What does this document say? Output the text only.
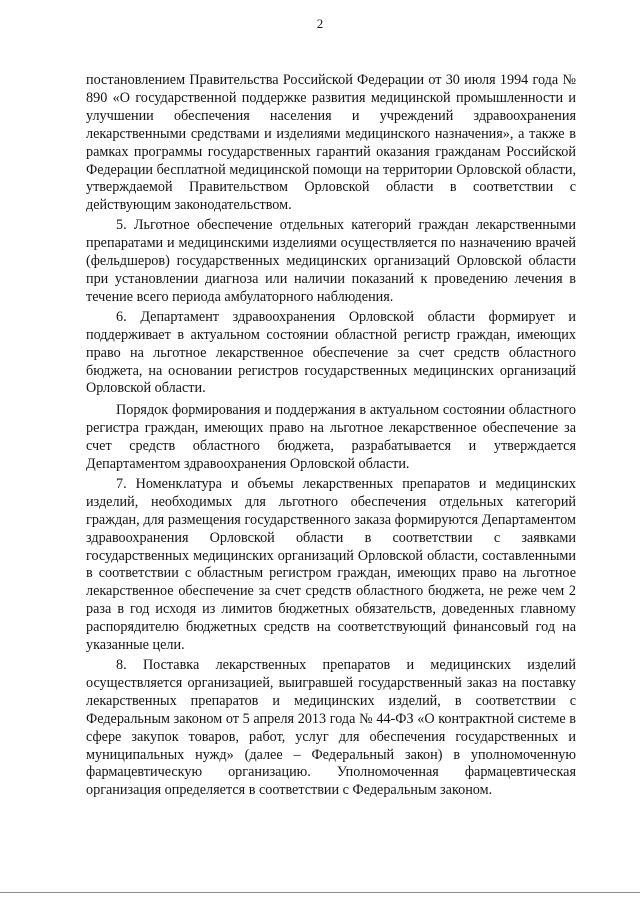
2

постановлением Правительства Российской Федерации от 30 июля 1994 года № 890 «О государственной поддержке развития медицинской промышленности и улучшении обеспечения населения и учреждений здравоохранения лекарственными средствами и изделиями медицинского назначения», а также в рамках программы государственных гарантий оказания гражданам Российской Федерации бесплатной медицинской помощи на территории Орловской области, утверждаемой Правительством Орловской области в соответствии с действующим законодательством.

5. Льготное обеспечение отдельных категорий граждан лекарственными препаратами и медицинскими изделиями осуществляется по назначению врачей (фельдшеров) государственных медицинских организаций Орловской области при установлении диагноза или наличии показаний к проведению лечения в течение всего периода амбулаторного наблюдения.

6. Департамент здравоохранения Орловской области формирует и поддерживает в актуальном состоянии областной регистр граждан, имеющих право на льготное лекарственное обеспечение за счет средств областного бюджета, на основании регистров государственных медицинских организаций Орловской области.

Порядок формирования и поддержания в актуальном состоянии областного регистра граждан, имеющих право на льготное лекарственное обеспечение за счет средств областного бюджета, разрабатывается и утверждается Департаментом здравоохранения Орловской области.

7. Номенклатура и объемы лекарственных препаратов и медицинских изделий, необходимых для льготного обеспечения отдельных категорий граждан, для размещения государственного заказа формируются Департаментом здравоохранения Орловской области в соответствии с заявками государственных медицинских организаций Орловской области, составленными в соответствии с областным регистром граждан, имеющих право на льготное лекарственное обеспечение за счет средств областного бюджета, не реже чем 2 раза в год исходя из лимитов бюджетных обязательств, доведенных главному распорядителю бюджетных средств на соответствующий финансовый год на указанные цели.

8. Поставка лекарственных препаратов и медицинских изделий осуществляется организацией, выигравшей государственный заказ на поставку лекарственных препаратов и медицинских изделий, в соответствии с Федеральным законом от 5 апреля 2013 года № 44-ФЗ «О контрактной системе в сфере закупок товаров, работ, услуг для обеспечения государственных и муниципальных нужд» (далее – Федеральный закон) в уполномоченную фармацевтическую организацию. Уполномоченная фармацевтическая организация определяется в соответствии с Федеральным законом.
